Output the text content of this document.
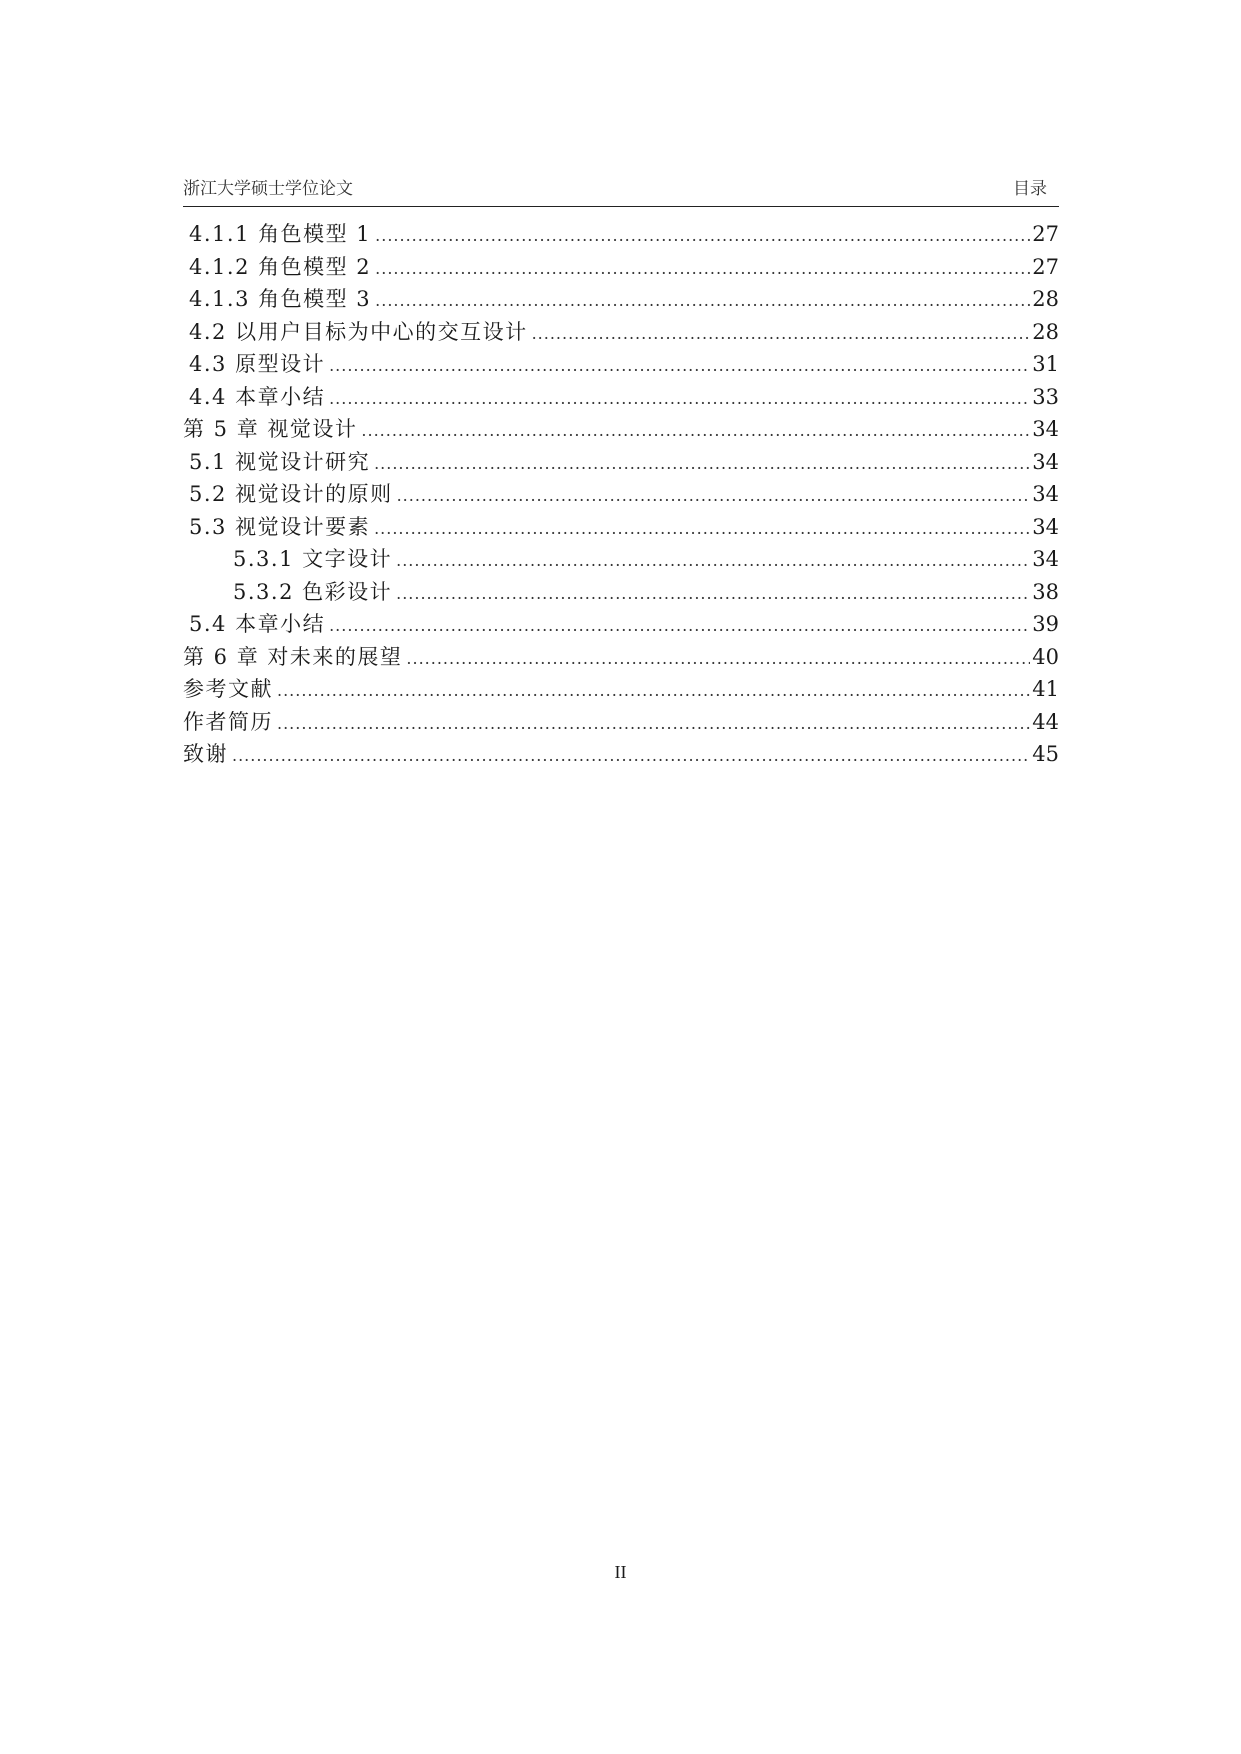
浙江大学硕士学位论文	目录
4.1.1 角色模型 1 .....	27
4.1.2 角色模型 2 .....	27
4.1.3 角色模型 3 .....	28
4.2 以用户目标为中心的交互设计 .....	28
4.3 原型设计 .....	31
4.4 本章小结 .....	33
第 5 章 视觉设计 .....	34
5.1 视觉设计研究 .....	34
5.2 视觉设计的原则 .....	34
5.3 视觉设计要素 .....	34
5.3.1 文字设计 .....	34
5.3.2 色彩设计 .....	38
5.4 本章小结 .....	39
第 6 章 对未来的展望 .....	40
参考文献 .....	41
作者简历 .....	44
致谢 .....	45
II
